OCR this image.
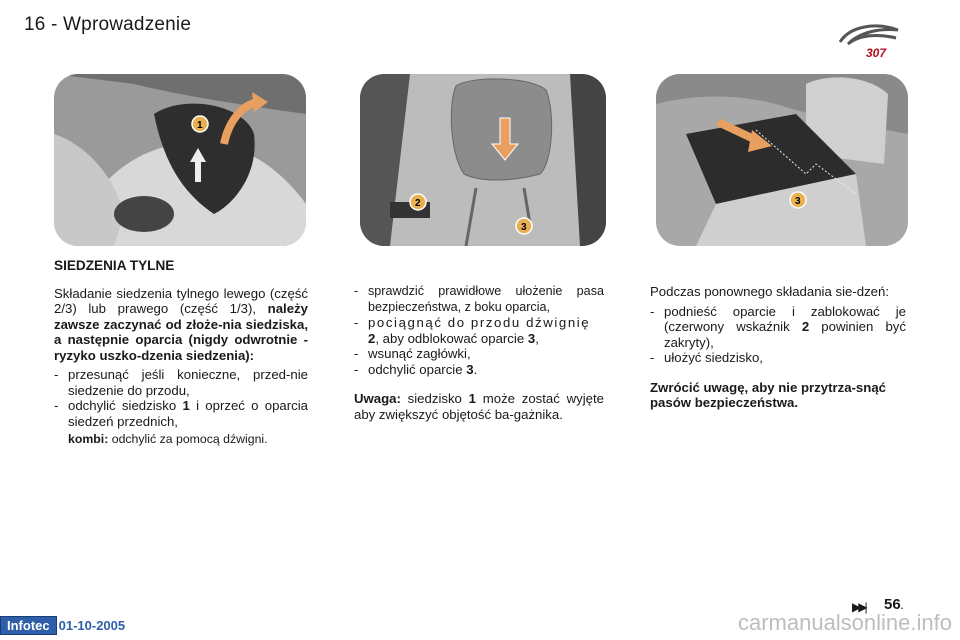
16 - Wprowadzenie
307
1
2
3
3
SIEDZENIA TYLNE

Składanie siedzenia tylnego lewego (część 2/3) lub prawego (część 1/3), należy zawsze zaczynać od złoże-nia siedziska, a następnie oparcia (nigdy odwrotnie - ryzyko uszko-dzenia siedzenia):

- przesunąć jeśli konieczne, przed-nie siedzenie do przodu,
- odchylić siedzisko 1 i oprzeć o oparcia siedzeń przednich,
kombi: odchylić za pomocą dźwigni.
- sprawdzić prawidłowe ułożenie pasa bezpieczeństwa, z boku oparcia,
- pociągnąć do przodu dźwignię
2, aby odblokować oparcie 3,
- wsunąć zagłówki,
- odchylić oparcie 3.

Uwaga: siedzisko 1 może zostać wyjęte aby zwiększyć objętość ba-gażnika.

Podczas ponownego składania sie-dzeń:

- podnieść oparcie i zablokować je (czerwony wskaźnik 2 powinien być zakryty),
- ułożyć siedzisko,

Zwrócić uwagę, aby nie przytrza-snąć pasów bezpieczeństwa.

▶▶| 56.
Infotec 01-10-2005	carmanualsonline.info
